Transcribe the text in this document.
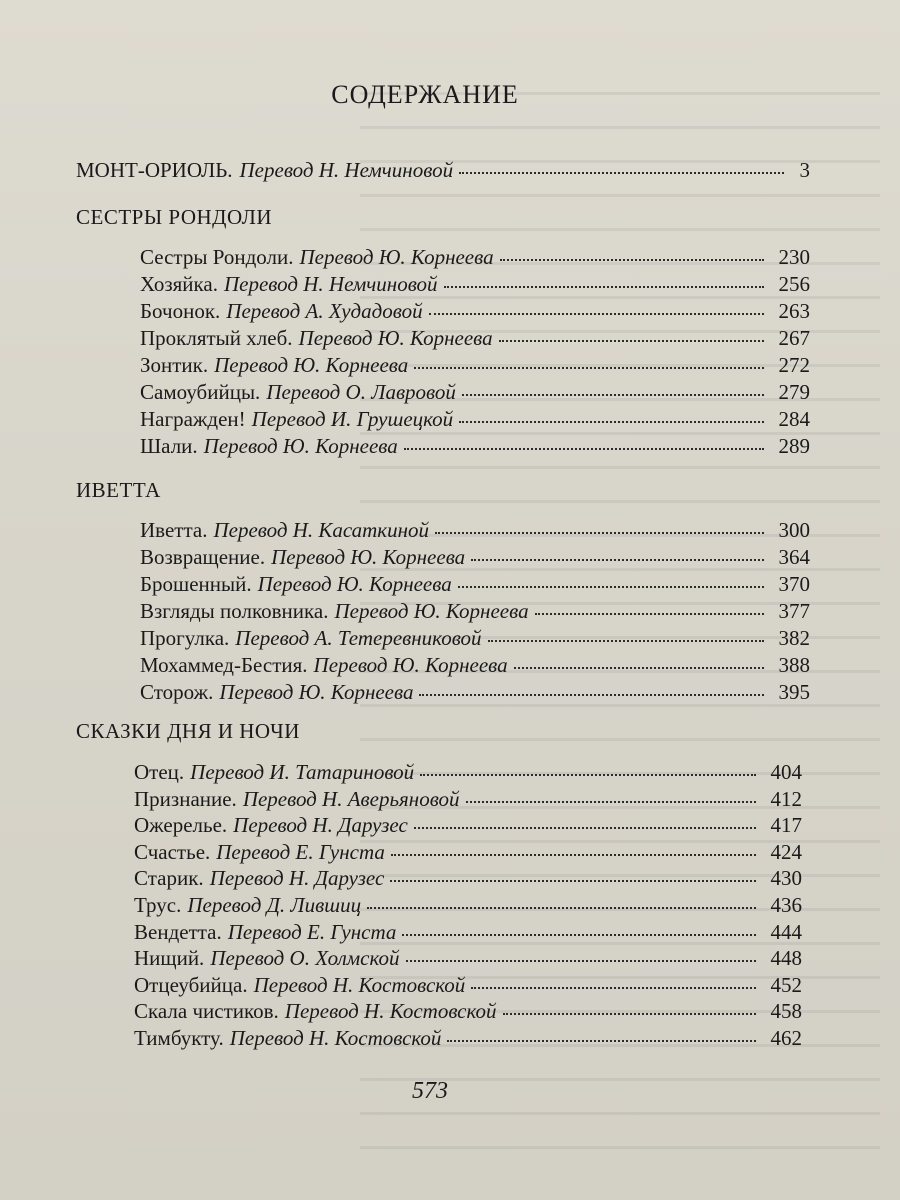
СОДЕРЖАНИЕ
МОНТ-ОРИОЛЬ. Перевод Н. Немчиновой	3
СЕСТРЫ РОНДОЛИ
Сестры Рондоли. Перевод Ю. Корнеева	230
Хозяйка. Перевод Н. Немчиновой	256
Бочонок. Перевод А. Худадовой	263
Проклятый хлеб. Перевод Ю. Корнеева	267
Зонтик. Перевод Ю. Корнеева	272
Самоубийцы. Перевод О. Лавровой	279
Награжден! Перевод И. Грушецкой	284
Шали. Перевод Ю. Корнеева	289
ИВЕТТА
Иветта. Перевод Н. Касаткиной	300
Возвращение. Перевод Ю. Корнеева	364
Брошенный. Перевод Ю. Корнеева	370
Взгляды полковника. Перевод Ю. Корнеева	377
Прогулка. Перевод А. Тетеревниковой	382
Мохаммед-Бестия. Перевод Ю. Корнеева	388
Сторож. Перевод Ю. Корнеева	395
СКАЗКИ ДНЯ И НОЧИ
Отец. Перевод И. Татариновой	404
Признание. Перевод Н. Аверьяновой	412
Ожерелье. Перевод Н. Дарузес	417
Счастье. Перевод Е. Гунста	424
Старик. Перевод Н. Дарузес	430
Трус. Перевод Д. Лившиц	436
Вендетта. Перевод Е. Гунста	444
Нищий. Перевод О. Холмской	448
Отцеубийца. Перевод Н. Костовской	452
Скала чистиков. Перевод Н. Костовской	458
Тимбукту. Перевод Н. Костовской	462
573
